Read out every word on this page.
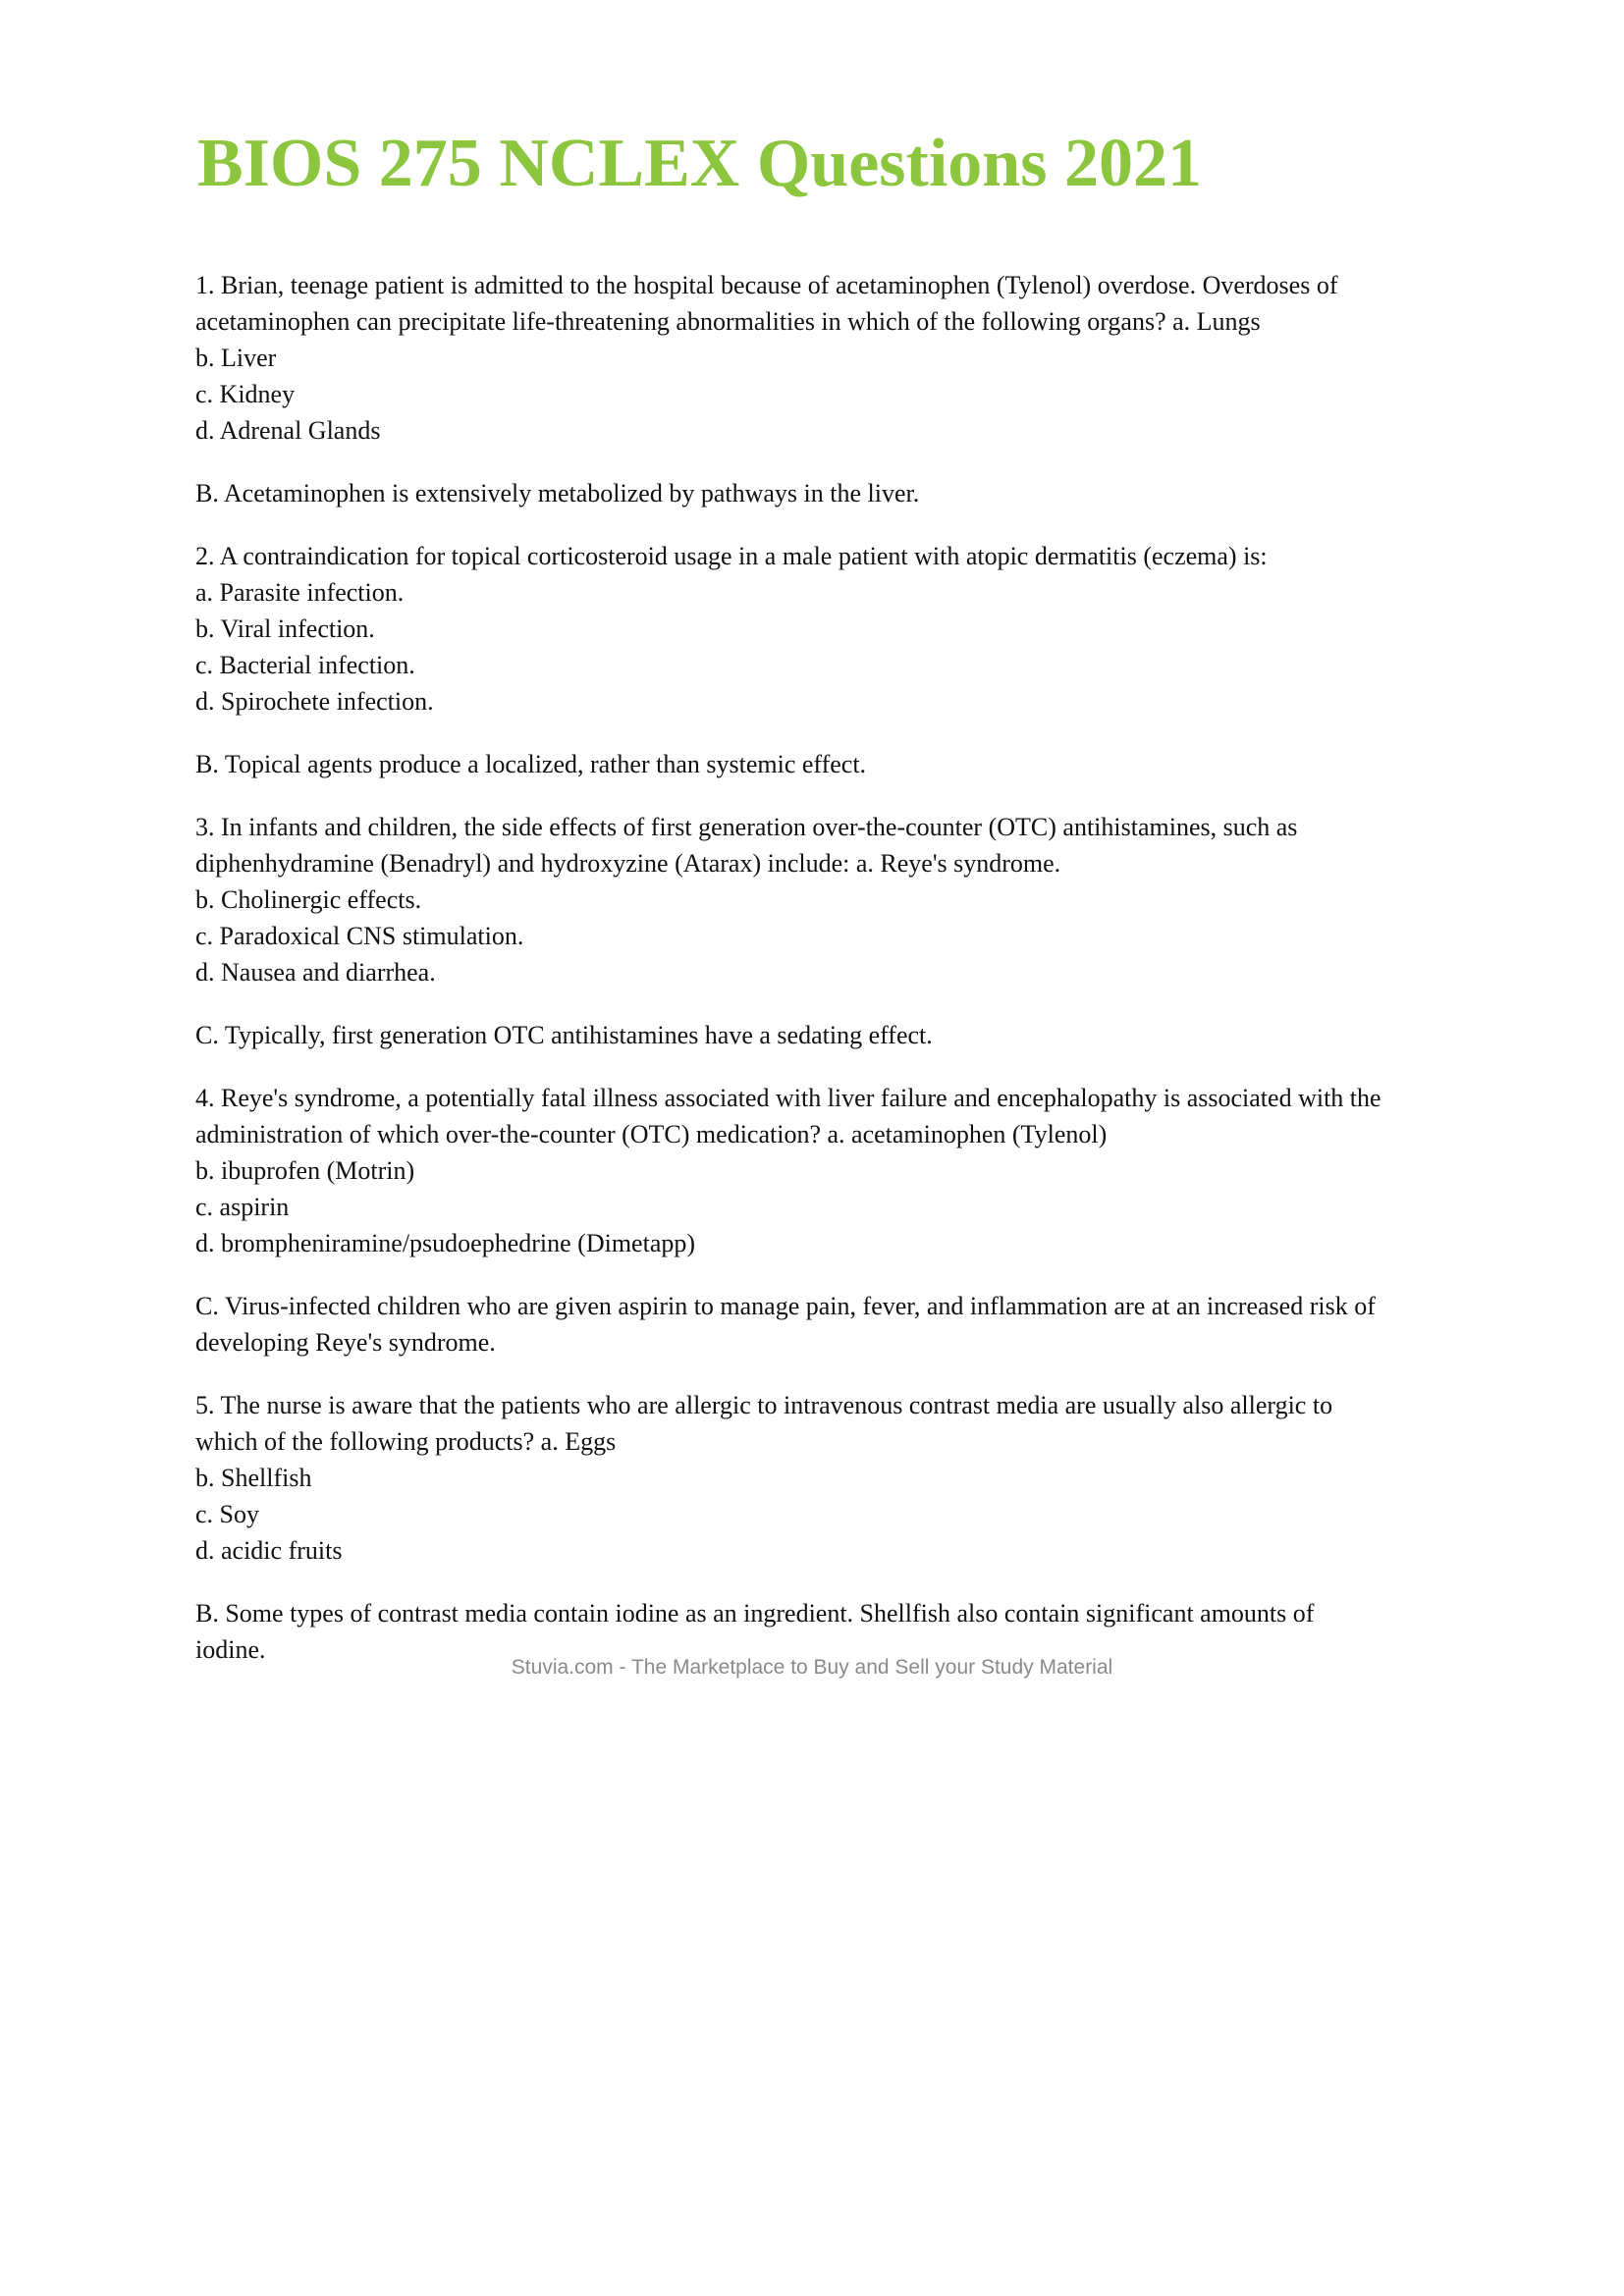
BIOS 275 NCLEX Questions 2021
1. Brian, teenage patient is admitted to the hospital because of acetaminophen (Tylenol) overdose. Overdoses of
acetaminophen can precipitate life-threatening abnormalities in which of the following organs? a. Lungs
b. Liver
c. Kidney
d. Adrenal Glands
B. Acetaminophen is extensively metabolized by pathways in the liver.
2. A contraindication for topical corticosteroid usage in a male patient with atopic dermatitis (eczema) is:
a. Parasite infection.
b. Viral infection.
c. Bacterial infection.
d. Spirochete infection.
B. Topical agents produce a localized, rather than systemic effect.
3. In infants and children, the side effects of first generation over-the-counter (OTC) antihistamines, such as
diphenhydramine (Benadryl) and hydroxyzine (Atarax) include: a. Reye's syndrome.
b. Cholinergic effects.
c. Paradoxical CNS stimulation.
d. Nausea and diarrhea.
C. Typically, first generation OTC antihistamines have a sedating effect.
4. Reye's syndrome, a potentially fatal illness associated with liver failure and encephalopathy is associated with the
administration of which over-the-counter (OTC) medication? a. acetaminophen (Tylenol)
b. ibuprofen (Motrin)
c. aspirin
d. brompheniramine/psudoephedrine (Dimetapp)
C. Virus-infected children who are given aspirin to manage pain, fever, and inflammation are at an increased risk of
developing Reye's syndrome.
5. The nurse is aware that the patients who are allergic to intravenous contrast media are usually also allergic to
which of the following products? a. Eggs
b. Shellfish
c. Soy
d. acidic fruits
B. Some types of contrast media contain iodine as an ingredient. Shellfish also contain significant amounts of
iodine.
Stuvia.com - The Marketplace to Buy and Sell your Study Material
